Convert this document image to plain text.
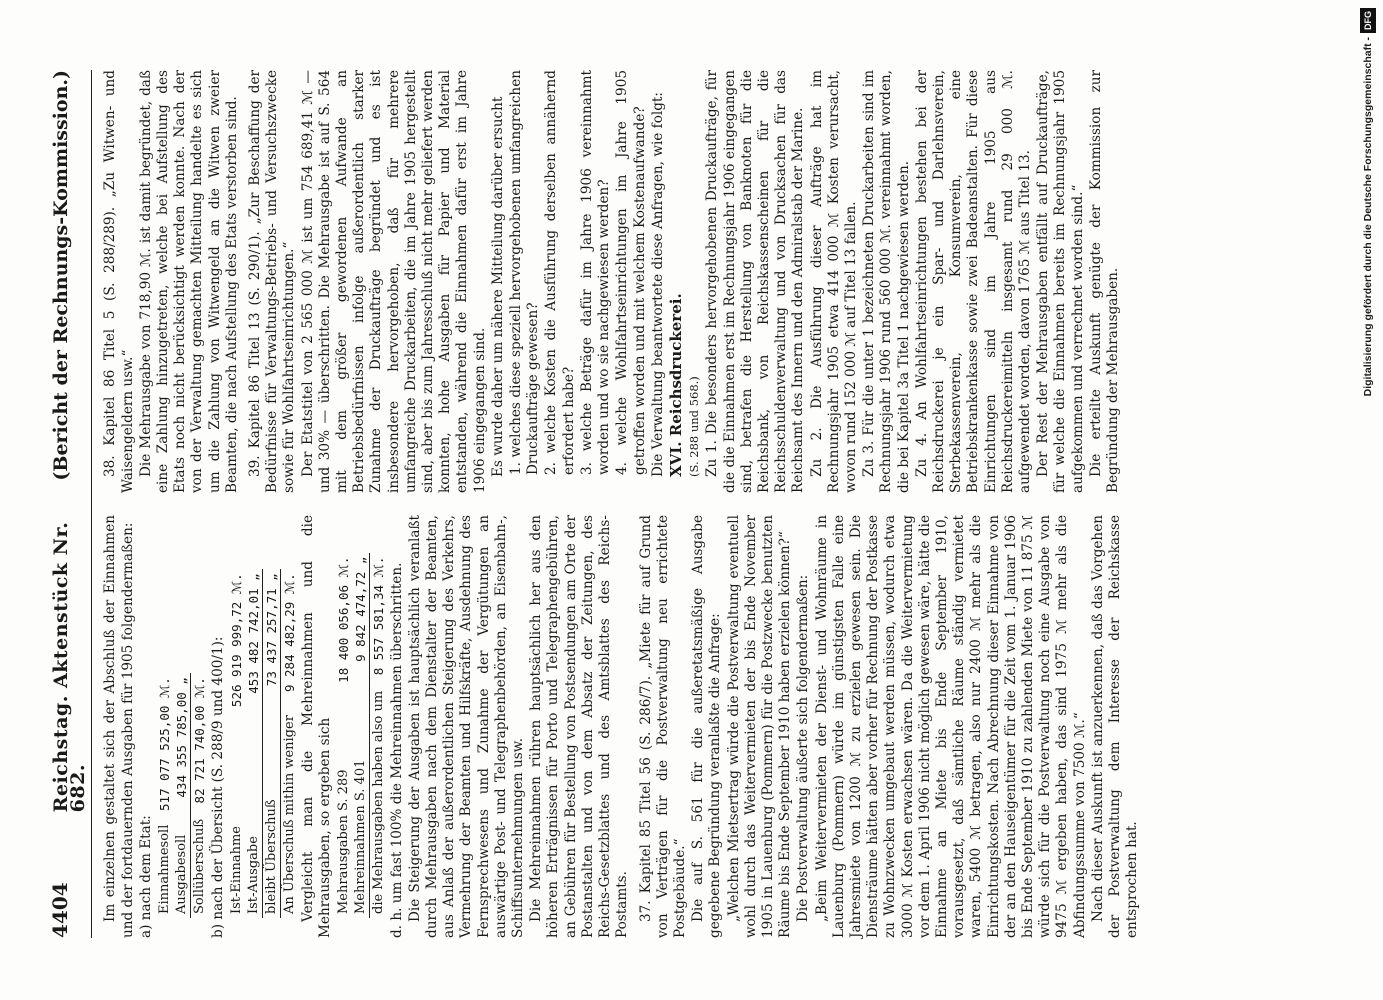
4404
Reichstag. Aktenstück Nr. 682.
(Bericht der Rechnungs-Kommission.)

Im einzelnen gestaltet sich der Abschluß der Einnahmen und der fortdauernden Ausgaben für 1905 folgendermaßen: a) nach dem Etat: Einnahmesoll	517 077 525,00 ℳ.
Ausgabesoll	434 355 785,00 „
Sollüberschuß	82 721 740,00 ℳ. b) nach der Übersicht (S. 288/9 und 400/1): Ist-Einnahme	526 919 999,72 ℳ.
Ist-Ausgabe	453 482 742,01 „
bleibt Überschuß	73 437 257,71 „
An Überschuß mithin weniger	9 284 482,29 ℳ. Vergleicht man die Mehreinnahmen und die Mehrausgaben, so ergeben sich Mehrausgaben S. 289	18 400 056,06 ℳ.
Mehreinnahmen S. 401	9 842 474,72 „
die Mehrausgaben haben also um	8 557 581,34 ℳ. d. h. um fast 100% die Mehreinnahmen überschritten. Die Steigerung der Ausgaben ist hauptsächlich veranlaßt durch Mehrausgaben nach dem Dienstalter der Beamten, aus Anlaß der außerordentlichen Steigerung des Verkehrs, Vermehrung der Beamten und Hilfskräfte, Ausdehnung des Fernsprechwesens und Zunahme der Vergütungen an auswärtige Post- und Telegraphenbehörden, an Eisenbahn-, Schiffsunternehmungen usw. Die Mehreinnahmen rühren hauptsächlich her aus den höheren Erträgnissen für Porto und Telegraphengebühren, an Gebühren für Bestellung von Postsendungen am Orte der Postanstalten und von dem Absatz der Zeitungen, des Reichs-Gesetzblattes und des Amtsblattes des Reichs-Postamts. 37. Kapitel 85 Titel 56 (S. 286/7). „Miete für auf Grund von Verträgen für die Postverwaltung neu errichtete Postgebäude.“ Die auf S. 561 für die außeretatsmäßige Ausgabe gegebene Begründung veranlaßte die Anfrage: „Welchen Mietsertrag würde die Postverwaltung eventuell wohl durch das Weitervermieten der bis Ende November 1905 in Lauenburg (Pommern) für die Postzwecke benutzten Räume bis Ende September 1910 haben erzielen können?“ Die Postverwaltung äußerte sich folgendermaßen: „Beim Weitervermieten der Dienst- und Wohnräume in Lauenburg (Pommern) würde im günstigsten Falle eine Jahresmiete von 1200 ℳ zu erzielen gewesen sein. Die Diensträume hätten aber vorher für Rechnung der Postkasse zu Wohnzwecken umgebaut werden müssen, wodurch etwa 3000 ℳ Kosten erwachsen wären. Da die Weitervermietung vor dem 1. April 1906 nicht möglich gewesen wäre, hätte die Einnahme an Miete bis Ende September 1910, vorausgesetzt, daß sämtliche Räume ständig vermietet waren, 5400 ℳ betragen, also nur 2400 ℳ mehr als die Einrichtungskosten. Nach Abrechnung dieser Einnahme von der an den Hauseigentümer für die Zeit vom 1. Januar 1906 bis Ende September 1910 zu zahlenden Miete von 11 875 ℳ würde sich für die Postverwaltung noch eine Ausgabe von 9475 ℳ ergeben haben, das sind 1975 ℳ mehr als die Abfindungssumme von 7500 ℳ.“ Nach dieser Auskunft ist anzuerkennen, daß das Vorgehen der Postverwaltung dem Interesse der Reichskasse entsprochen hat.

38. Kapitel 86 Titel 5 (S. 288/289). „Zu Witwen- und Waisengeldern usw.“ Die Mehrausgabe von 718,90 ℳ. ist damit begründet, daß eine Zahlung hinzugetreten, welche bei Aufstellung des Etats noch nicht berücksichtigt werden konnte. Nach der von der Verwaltung gemachten Mitteilung handelte es sich um die Zahlung von Witwengeld an die Witwen zweier Beamten, die nach Aufstellung des Etats verstorben sind. 39. Kapitel 86 Titel 13 (S. 290/1). „Zur Beschaffung der Bedürfnisse für Verwaltungs-Betriebs- und Versuchszwecke sowie für Wohlfahrtseinrichtungen.“ Der Etatstitel von 2 565 000 ℳ ist um 754 689,41 ℳ — und 30% — überschritten. Die Mehrausgabe ist auf S. 564 mit dem größer gewordenen Aufwande an Betriebsbedürfnissen infolge außerordentlich starker Zunahme der Druckaufträge begründet und es ist insbesondere hervorgehoben, daß für mehrere umfangreiche Druckarbeiten, die im Jahre 1905 hergestellt sind, aber bis zum Jahresschluß nicht mehr geliefert werden konnten, hohe Ausgaben für Papier und Material entstanden, während die Einnahmen dafür erst im Jahre 1906 eingegangen sind. Es wurde daher um nähere Mitteilung darüber ersucht 1. welches diese speziell hervorgehobenen umfangreichen Druckaufträge gewesen? 2. welche Kosten die Ausführung derselben annähernd erfordert habe? 3. welche Beträge dafür im Jahre 1906 vereinnahmt worden und wo sie nachgewiesen werden? 4. welche Wohlfahrtseinrichtungen im Jahre 1905 getroffen worden und mit welchem Kostenaufwande? Die Verwaltung beantwortete diese Anfragen, wie folgt: XVI. Reichsdruckerei. (S. 288 und 568.) Zu 1. Die besonders hervorgehobenen Druckaufträge, für die die Einnahmen erst im Rechnungsjahr 1906 eingegangen sind, betrafen die Herstellung von Banknoten für die Reichsbank, von Reichskassenscheinen für die Reichsschuldenverwaltung und von Drucksachen für das Reichsamt des Innern und den Admiralstab der Marine. Zu 2. Die Ausführung dieser Aufträge hat im Rechnungsjahr 1905 etwa 414 000 ℳ Kosten verursacht, wovon rund 152 000 ℳ auf Titel 13 fallen. Zu 3. Für die unter 1 bezeichneten Druckarbeiten sind im Rechnungsjahr 1906 rund 560 000 ℳ. vereinnahmt worden, die bei Kapitel 3a Titel 1 nachgewiesen werden. Zu 4. An Wohlfahrtseinrichtungen bestehen bei der Reichsdruckerei je ein Spar- und Darlehnsverein, Sterbekassenverein, Konsumverein, eine Betriebskrankenkasse sowie zwei Badeanstalten. Für diese Einrichtungen sind im Jahre 1905 aus Reichsdruckereimitteln insgesamt rund 29 000 ℳ. aufgewendet worden, davon 1765 ℳ aus Titel 13. Der Rest der Mehrausgaben entfällt auf Druckaufträge, für welche die Einnahmen bereits im Rechnungsjahr 1905 aufgekommen und verrechnet worden sind.“ Die erteilte Auskunft genügte der Kommission zur Begründung der Mehrausgaben.	Digitalisierung gefördert durch die Deutsche Forschungsgemeinschaft -DFG
